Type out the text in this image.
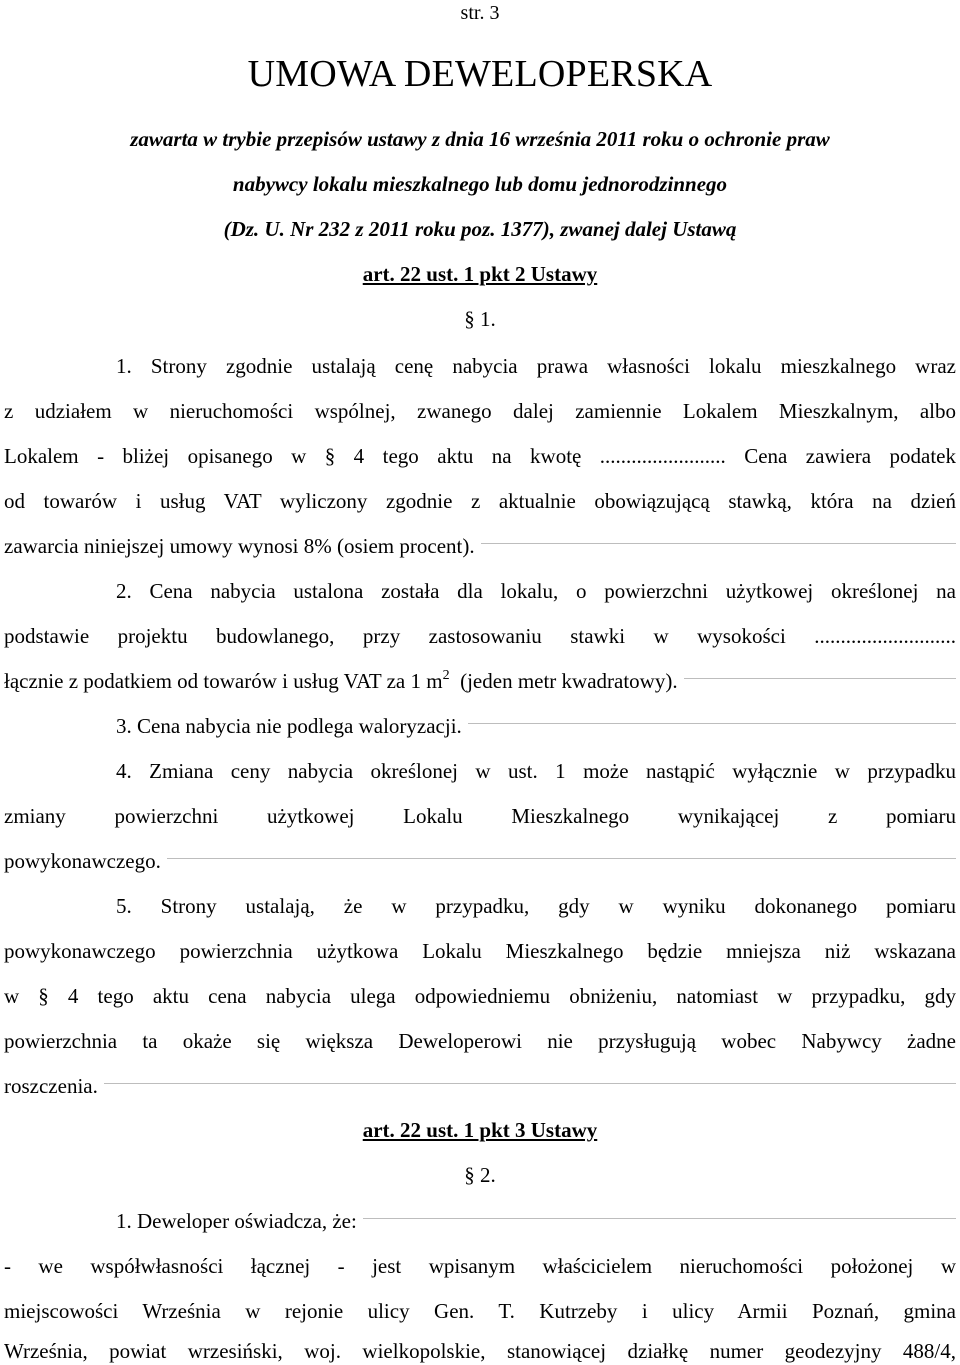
str. 3
UMOWA DEWELOPERSKA
zawarta w trybie przepisów ustawy z dnia 16 września 2011 roku o ochronie praw
nabywcy lokalu mieszkalnego lub domu jednorodzinnego
(Dz. U. Nr 232 z 2011 roku poz. 1377), zwanej dalej Ustawą
art. 22 ust. 1 pkt 2 Ustawy
§ 1.
1. Strony zgodnie ustalają cenę nabycia prawa własności lokalu mieszkalnego wraz
z udziałem w nieruchomości wspólnej, zwanego dalej zamiennie Lokalem Mieszkalnym, albo
Lokalem - bliżej opisanego w § 4 tego aktu na kwotę ........................ Cena zawiera podatek
od towarów i usług VAT wyliczony zgodnie z aktualnie obowiązującą stawką, która na dzień
zawarcia niniejszej umowy wynosi 8% (osiem procent).
2. Cena nabycia ustalona została dla lokalu, o powierzchni użytkowej określonej na
podstawie projektu budowlanego, przy zastosowaniu stawki w wysokości ...........................
łącznie z podatkiem od towarów i usług VAT za 1 m 2
(jeden metr kwadratowy).
3. Cena nabycia nie podlega waloryzacji.
4. Zmiana ceny nabycia określonej w ust. 1 może nastąpić wyłącznie w przypadku
zmiany powierzchni użytkowej Lokalu Mieszkalnego wynikającej z pomiaru
powykonawczego.
5. Strony ustalają, że w przypadku, gdy w wyniku dokonanego pomiaru
powykonawczego powierzchnia użytkowa Lokalu Mieszkalnego będzie mniejsza niż wskazana
w § 4 tego aktu cena nabycia ulega odpowiedniemu obniżeniu, natomiast w przypadku, gdy
powierzchnia ta okaże się większa Deweloperowi nie przysługują wobec Nabywcy żadne
roszczenia.
art. 22 ust. 1 pkt 3 Ustawy
§ 2.
1. Deweloper oświadcza, że:
- we współwłasności łącznej - jest wpisanym właścicielem nieruchomości położonej w
miejscowości Września w rejonie ulicy Gen. T. Kutrzeby i ulicy Armii Poznań, gmina
Września, powiat wrzesiński, woj. wielkopolskie, stanowiącej działkę numer geodezyjny 488/4,
